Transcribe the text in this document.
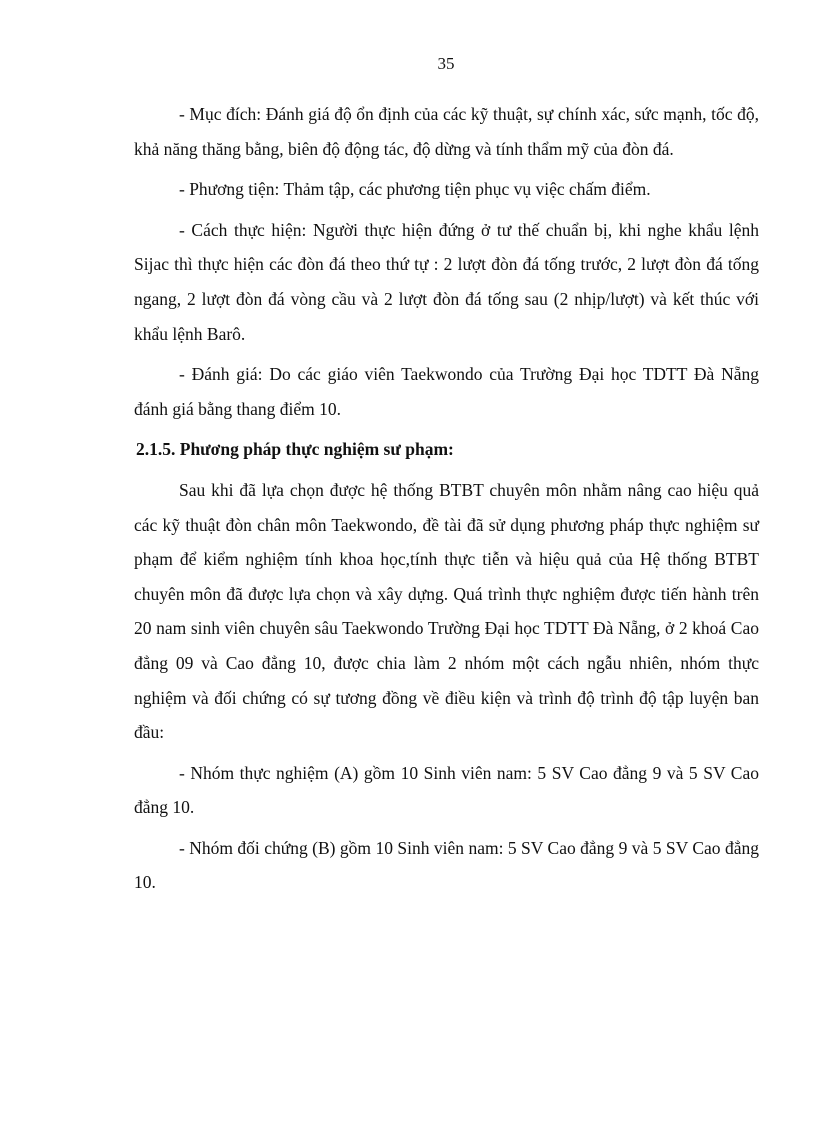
35

- Mục đích: Đánh giá độ ổn định của các kỹ thuật, sự chính xác, sức mạnh, tốc độ, khả năng thăng bằng, biên độ động tác, độ dừng và tính thẩm mỹ của đòn đá.

- Phương tiện: Thảm tập, các phương tiện phục vụ việc chấm điểm.

- Cách thực hiện: Người thực hiện đứng ở tư thế chuẩn bị, khi nghe khẩu lệnh Sijac thì thực hiện các đòn đá theo thứ tự : 2 lượt đòn đá tống trước, 2 lượt đòn đá tống ngang, 2 lượt đòn đá vòng cầu và 2 lượt đòn đá tống sau (2 nhịp/lượt) và kết thúc với khẩu lệnh Barô.

- Đánh giá: Do các giáo viên Taekwondo của Trường Đại học TDTT Đà Nẵng đánh giá bằng thang điểm 10.

2.1.5. Phương pháp thực nghiệm sư phạm:

Sau khi đã lựa chọn được hệ thống BTBT chuyên môn nhằm nâng cao hiệu quả các kỹ thuật đòn chân môn Taekwondo, đề tài đã sử dụng phương pháp thực nghiệm sư phạm để kiểm nghiệm tính khoa học,tính thực tiễn và hiệu quả của Hệ thống BTBT chuyên môn đã được lựa chọn và xây dựng. Quá trình thực nghiệm được tiến hành trên 20 nam sinh viên chuyên sâu Taekwondo Trường Đại học TDTT Đà Nẵng, ở 2 khoá Cao đẳng 09 và Cao đẳng 10, được chia làm 2 nhóm một cách ngẫu nhiên, nhóm thực nghiệm và đối chứng có sự tương đồng về điều kiện và trình độ trình độ tập luyện ban đầu:

- Nhóm thực nghiệm (A) gồm 10 Sinh viên nam: 5 SV Cao đẳng 9 và 5 SV Cao đẳng 10.

- Nhóm đối chứng (B) gồm 10 Sinh viên nam: 5 SV Cao đẳng 9 và 5 SV Cao đẳng 10.
